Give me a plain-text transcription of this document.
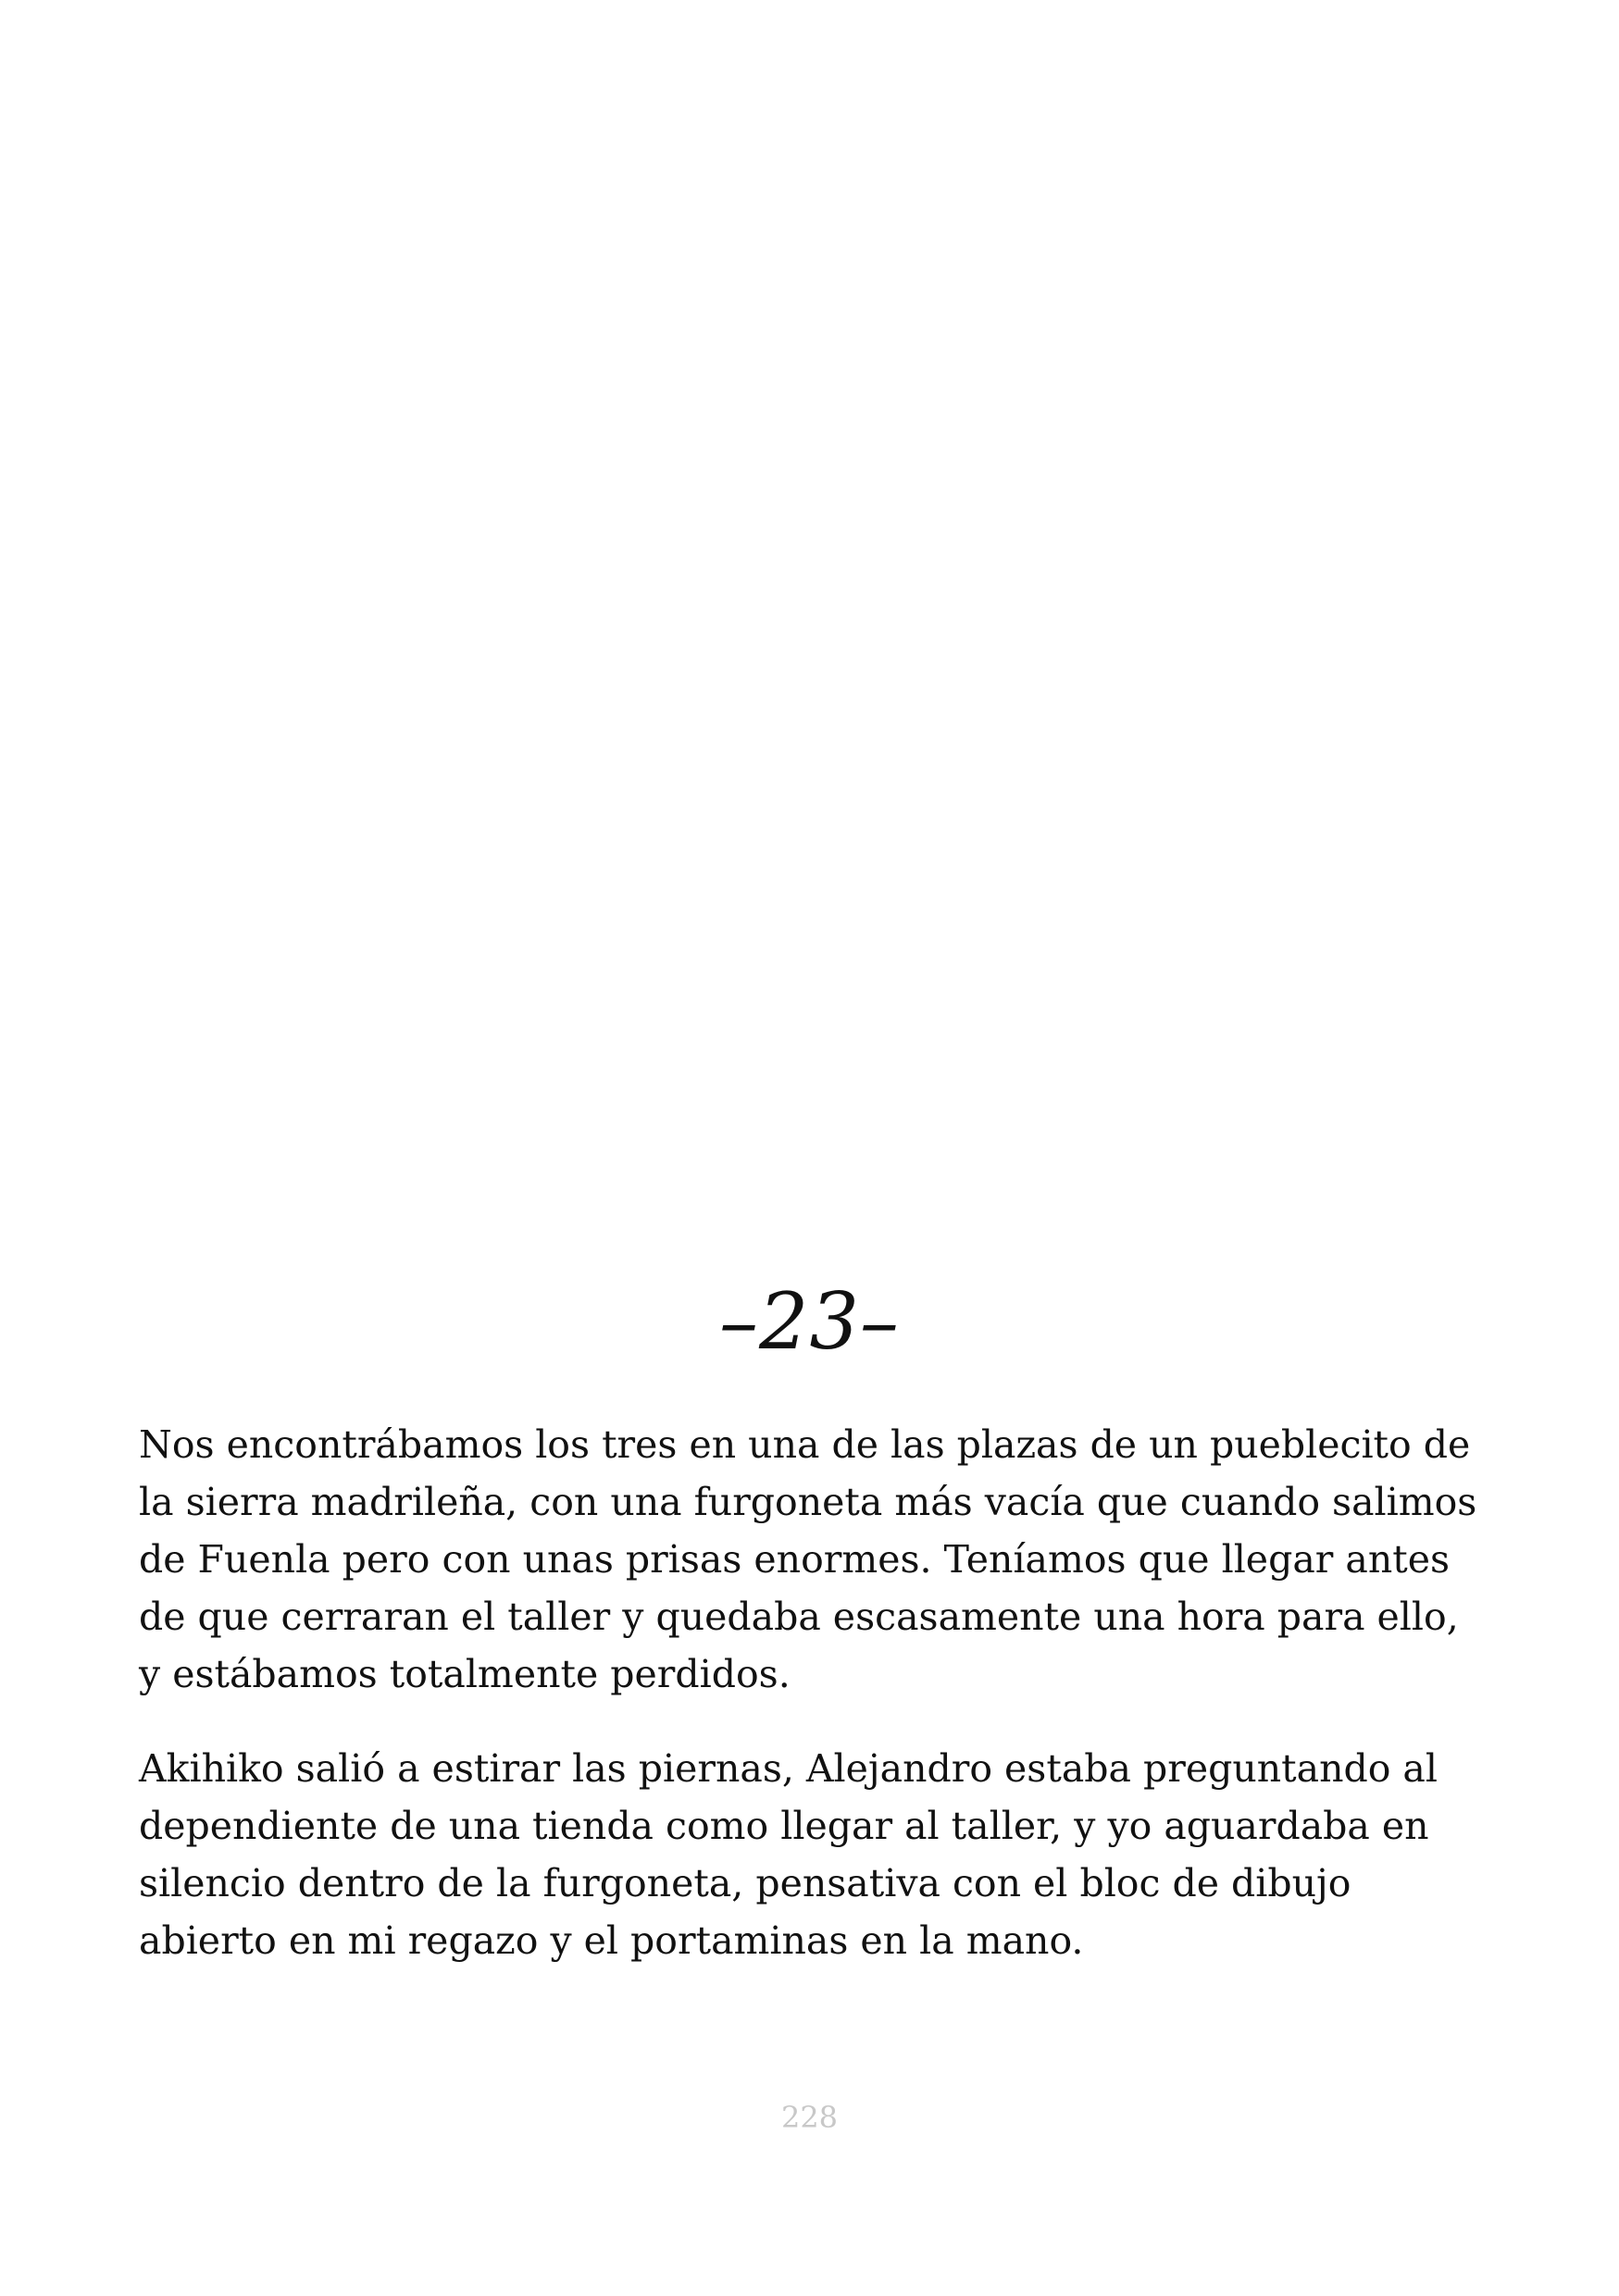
–23–

Nos encontrábamos los tres en una de las plazas de un pueblecito de la sierra madrileña, con una furgoneta más vacía que cuando salimos de Fuenla pero con unas prisas enormes. Teníamos que llegar antes de que cerraran el taller y quedaba escasamente una hora para ello, y estábamos totalmente perdidos.

Akihiko salió a estirar las piernas, Alejandro estaba preguntando al dependiente de una tienda como llegar al taller, y yo aguardaba en silencio dentro de la furgoneta, pensativa con el bloc de dibujo abierto en mi regazo y el portaminas en la mano.

228
